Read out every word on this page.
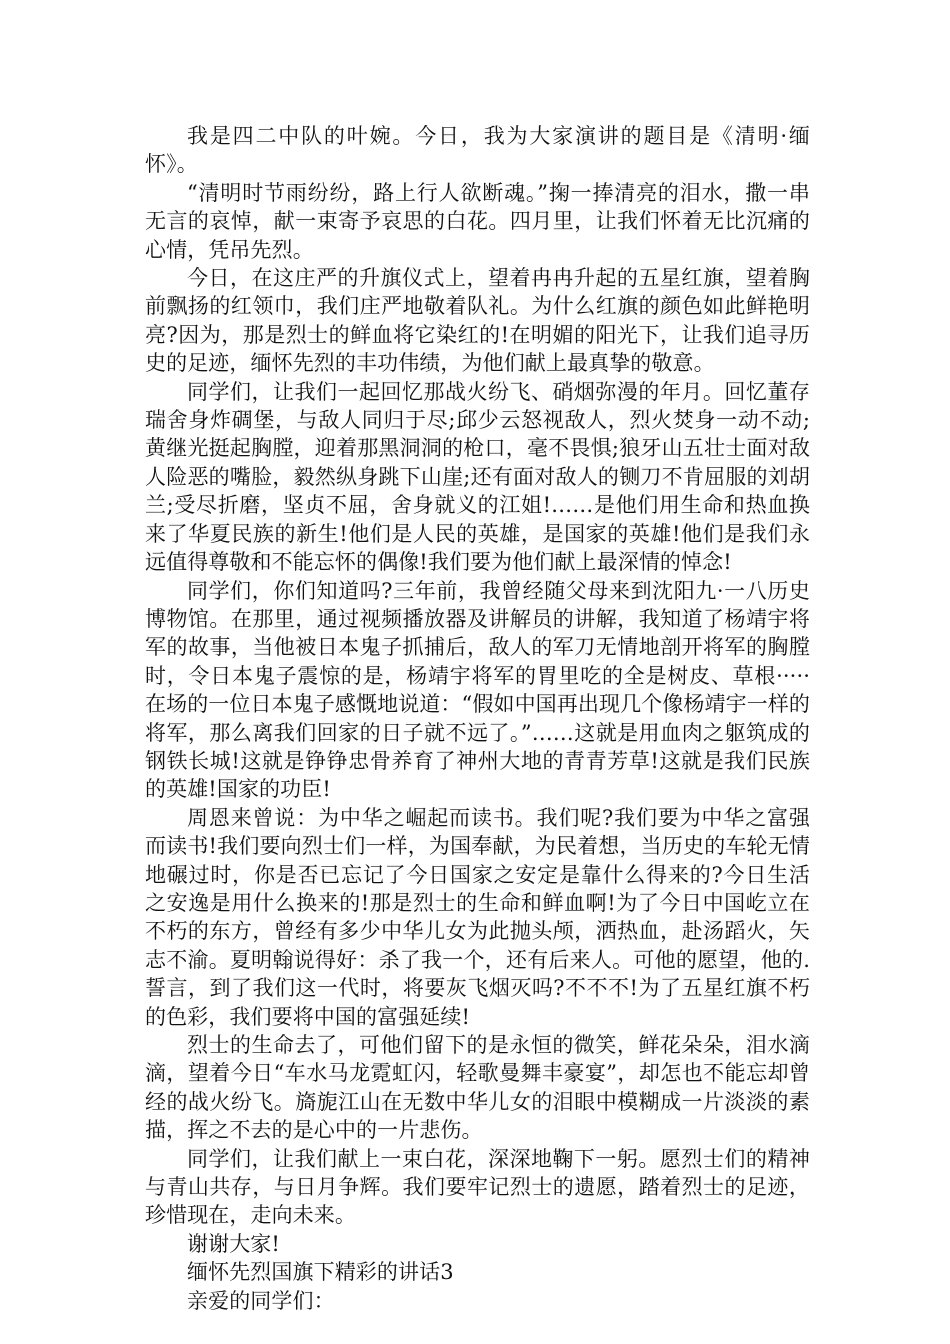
我是四二中队的叶婉。今日，我为大家演讲的题目是《清明·缅怀》。

“清明时节雨纷纷，路上行人欲断魂。”掬一捧清亮的泪水，撒一串无言的哀悼，献一束寄予哀思的白花。四月里，让我们怀着无比沉痛的心情，凭吊先烈。

今日，在这庄严的升旗仪式上，望着冉冉升起的五星红旗，望着胸前飘扬的红领巾，我们庄严地敬着队礼。为什么红旗的颜色如此鲜艳明亮?因为，那是烈士的鲜血将它染红的!在明媚的阳光下，让我们追寻历史的足迹，缅怀先烈的丰功伟绩，为他们献上最真挚的敬意。

同学们，让我们一起回忆那战火纷飞、硝烟弥漫的年月。回忆董存瑞舍身炸碉堡，与敌人同归于尽;邱少云怒视敌人，烈火焚身一动不动;黄继光挺起胸膛，迎着那黑洞洞的枪口，毫不畏惧;狼牙山五壮士面对敌人险恶的嘴脸，毅然纵身跳下山崖;还有面对敌人的铡刀不肯屈服的刘胡兰;受尽折磨，坚贞不屈，舍身就义的江姐!……是他们用生命和热血换来了华夏民族的新生!他们是人民的英雄，是国家的英雄!他们是我们永远值得尊敬和不能忘怀的偶像!我们要为他们献上最深情的悼念!

同学们，你们知道吗?三年前，我曾经随父母来到沈阳九·一八历史博物馆。在那里，通过视频播放器及讲解员的讲解，我知道了杨靖宇将军的故事，当他被日本鬼子抓捕后，敌人的军刀无情地剖开将军的胸膛时，令日本鬼子震惊的是，杨靖宇将军的胃里吃的全是树皮、草根·····在场的一位日本鬼子感慨地说道：“假如中国再出现几个像杨靖宇一样的将军，那么离我们回家的日子就不远了。”……这就是用血肉之躯筑成的钢铁长城!这就是铮铮忠骨养育了神州大地的青青芳草!这就是我们民族的英雄!国家的功臣!

周恩来曾说：为中华之崛起而读书。我们呢?我们要为中华之富强而读书!我们要向烈士们一样，为国奉献，为民着想，当历史的车轮无情地碾过时，你是否已忘记了今日国家之安定是靠什么得来的?今日生活之安逸是用什么换来的!那是烈士的生命和鲜血啊!为了今日中国屹立在不朽的东方，曾经有多少中华儿女为此抛头颅，洒热血，赴汤蹈火，矢志不渝。夏明翰说得好：杀了我一个，还有后来人。可他的愿望，他的.誓言，到了我们这一代时，将要灰飞烟灭吗?不不不!为了五星红旗不朽的色彩，我们要将中国的富强延续!

烈士的生命去了，可他们留下的是永恒的微笑，鲜花朵朵，泪水滴滴，望着今日“车水马龙霓虹闪，轻歌曼舞丰豪宴”，却怎也不能忘却曾经的战火纷飞。旖旎江山在无数中华儿女的泪眼中模糊成一片淡淡的素描，挥之不去的是心中的一片悲伤。

同学们，让我们献上一束白花，深深地鞠下一躬。愿烈士们的精神与青山共存，与日月争辉。我们要牢记烈士的遗愿，踏着烈士的足迹，珍惜现在，走向未来。

谢谢大家!

缅怀先烈国旗下精彩的讲话3

亲爱的同学们：
